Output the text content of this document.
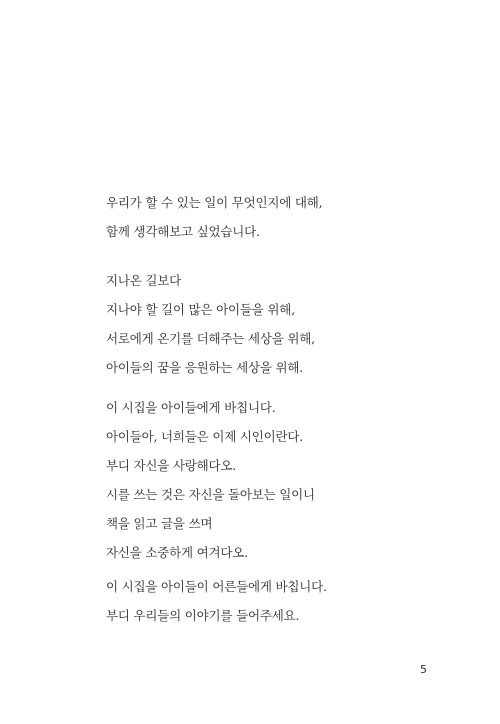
우리가 할 수 있는 일이 무엇인지에 대해,
함께 생각해보고 싶었습니다.
지나온 길보다
지나야 할 길이 많은 아이들을 위해,
서로에게 온기를 더해주는 세상을 위해,
아이들의 꿈을 응원하는 세상을 위해.
이 시집을 아이들에게 바칩니다.
아이들아, 너희들은 이제 시인이란다.
부디 자신을 사랑해다오.
시를 쓰는 것은 자신을 돌아보는 일이니
책을 읽고 글을 쓰며
자신을 소중하게 여겨다오.
이 시집을 아이들이 어른들에게 바칩니다.
부디 우리들의 이야기를 들어주세요.
5
